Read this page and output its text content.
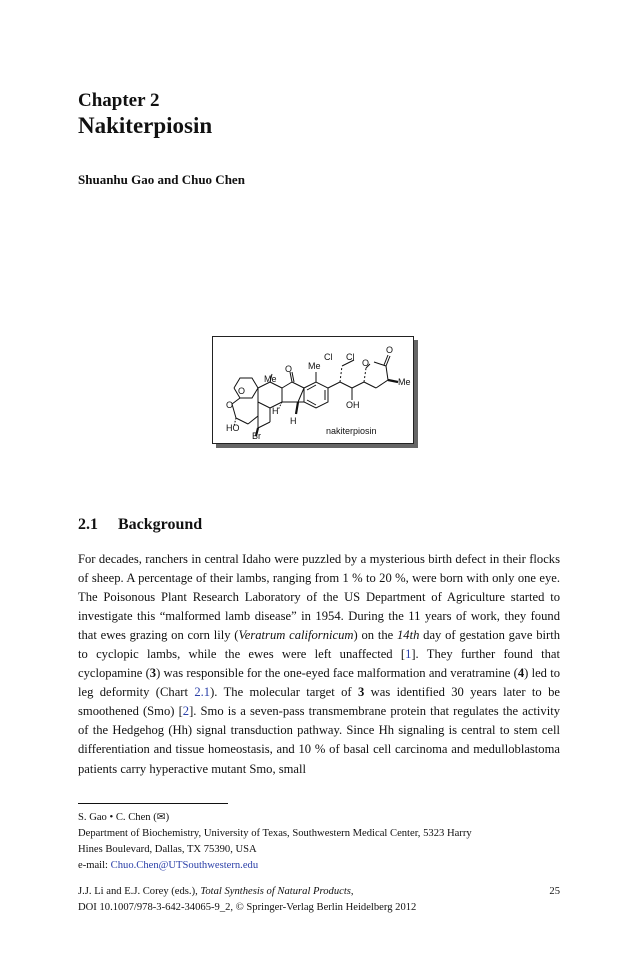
Chapter 2
Nakiterpiosin
Shuanhu Gao and Chuo Chen
Cl Cl
Me
O
O
O
Me
Me
O
O
H
H
OH
HO
Br	nakiterpiosin
2.1 Background

For decades, ranchers in central Idaho were puzzled by a mysterious birth defect in their flocks of sheep. A percentage of their lambs, ranging from 1 % to 20 %, were born with only one eye. The Poisonous Plant Research Laboratory of the US Department of Agriculture started to investigate this “malformed lamb disease” in 1954. During the 11 years of work, they found that ewes grazing on corn lily (Veratrum californicum) on the 14th day of gestation gave birth to cyclopic lambs, while the ewes were left unaffected [1]. They further found that cyclopamine (3) was responsible for the one-eyed face malformation and veratramine (4) led to leg deformity (Chart 2.1). The molecular target of 3 was identified 30 years later to be smoothened (Smo) [2]. Smo is a seven-pass transmembrane protein that regulates the activity of the Hedgehog (Hh) signal transduction pathway. Since Hh signaling is central to stem cell differentiation and tissue homeostasis, and 10 % of basal cell carcinoma and medulloblastoma patients carry hyperactive mutant Smo, small

S. Gao • C. Chen (✉)
Department of Biochemistry, University of Texas, Southwestern Medical Center, 5323 Harry
Hines Boulevard, Dallas, TX 75390, USA
e-mail: Chuo.Chen@UTSouthwestern.edu
J.J. Li and E.J. Corey (eds.), Total Synthesis of Natural Products,
DOI 10.1007/978-3-642-34065-9_2, © Springer-Verlag Berlin Heidelberg 2012
25
